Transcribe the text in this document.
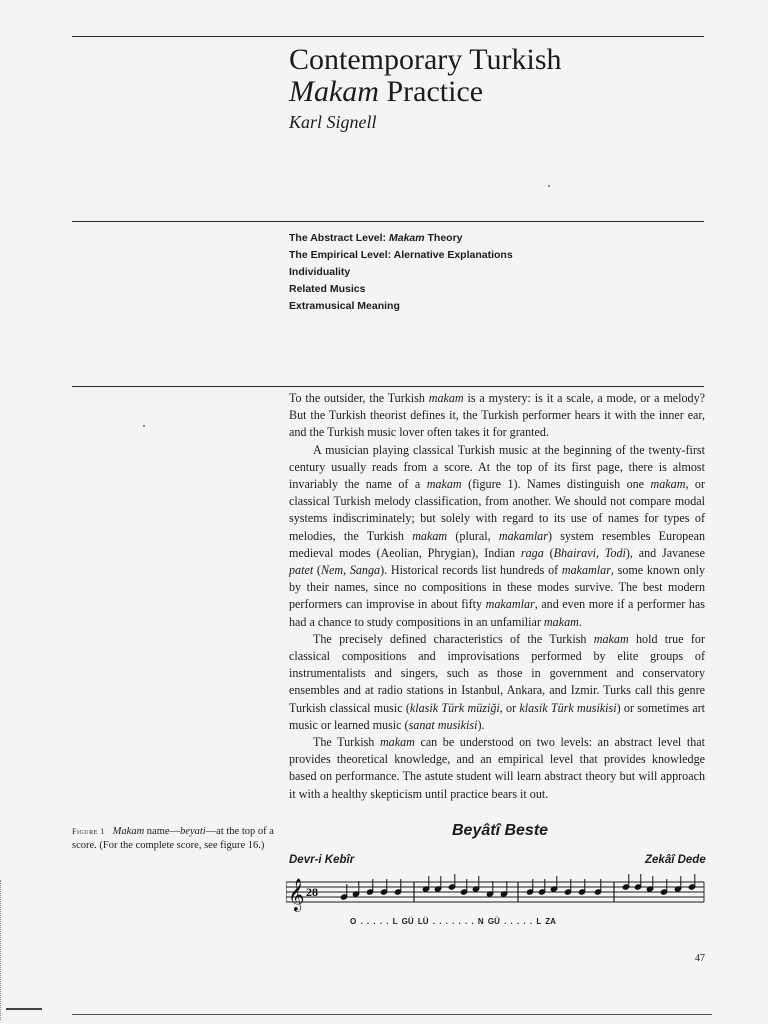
Contemporary Turkish
Makam Practice
Karl Signell
The Abstract Level: Makam Theory
The Empirical Level: Alernative Explanations
Individuality
Related Musics
Extramusical Meaning

To the outsider, the Turkish makam is a mystery: is it a scale, a mode, or a melody? But the Turkish theorist defines it, the Turkish performer hears it with the inner ear, and the Turkish music lover often takes it for granted.

A musician playing classical Turkish music at the beginning of the twenty-first century usually reads from a score. At the top of its first page, there is almost invariably the name of a makam (figure 1). Names distinguish one makam, or classical Turkish melody classification, from another. We should not compare modal systems indiscriminately; but solely with regard to its use of names for types of melodies, the Turkish makam (plural, makamlar) system resembles European medieval modes (Aeolian, Phrygian), Indian raga (Bhairavi, Todi), and Javanese patet (Nem, Sanga). Historical records list hundreds of makamlar, some known only by their names, since no compositions in these modes survive. The best modern performers can improvise in about fifty makamlar, and even more if a performer has had a chance to study compositions in an unfamiliar makam.

The precisely defined characteristics of the Turkish makam hold true for classical compositions and improvisations performed by elite groups of instrumentalists and singers, such as those in government and conservatory ensembles and at radio stations in Istanbul, Ankara, and Izmir. Turks call this genre Turkish classical music (klasik Türk müziği, or klasik Türk musikisi) or sometimes art music or learned music (sanat musikisi).

The Turkish makam can be understood on two levels: an abstract level that provides theoretical knowledge, and an empirical level that provides knowledge based on performance. The astute student will learn abstract theory but will approach it with a healthy skepticism until practice bears it out.

Figure 1 Makam name—beyati—at the top of a score. (For the complete score, see figure 16.)
Beyâtî Beste
Devr-i Kebîr	Zekâî Dede
𝄞 28
O . . . . . L GÜ LÜ . . . . . . . N GÜ . . . . . L ZA
47
